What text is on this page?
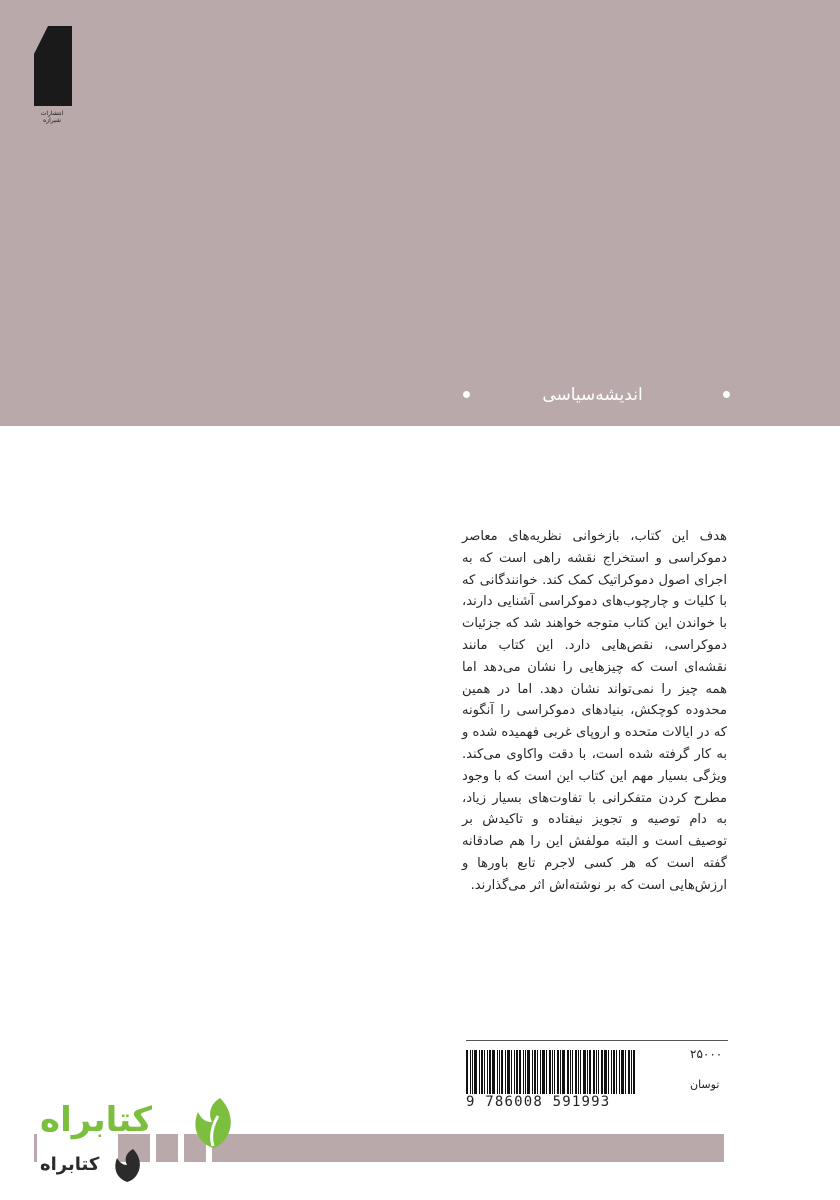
انتشارات
شیرازه
اندیشه‌سیاسی

هدف این کتاب، بازخوانی نظریه‌های معاصر دموکراسی و استخراج نقشه راهی است که به اجرای اصول دموکراتیک کمک کند. خوانندگانی که با کلیات و چارچوب‌های دموکراسی آشنایی دارند، با خواندن این کتاب متوجه خواهند شد که جزئیات دموکراسی، نقص‌هایی دارد. این کتاب مانند نقشه‌ای است که چیزهایی را نشان می‌دهد اما همه چیز را نمی‌تواند نشان دهد. اما در همین محدوده کوچکش، بنیادهای دموکراسی را آنگونه که در ایالات متحده و اروپای غربی فهمیده شده و به کار گرفته شده است، با دقت واکاوی می‌کند. ویژگی بسیار مهم این کتاب این است که با وجود مطرح کردن متفکرانی با تفاوت‌های بسیار زیاد، به دام توصیه و تجویز نیفتاده و تاکیدش بر توصیف است و البته مولفش این را هم صادقانه گفته است که هر کسی لاجرم تابع باورها و ارزش‌هایی است که بر نوشته‌اش اثر می‌گذارند.

۲۵۰۰۰
9 786008 591993
توسان
کتابراه
کتابراه
